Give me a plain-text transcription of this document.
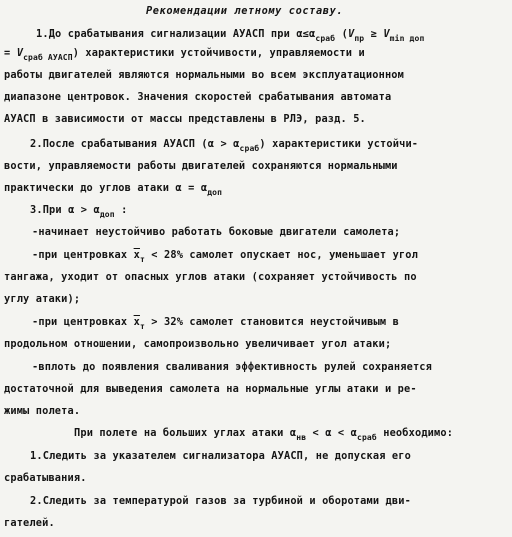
Рекомендации летному составу.
1.До срабатывания сигнализации АУАСП при $\alpha\le\alpha_{сраб}$ ($V_{пр} \ge V_{min доп}$
= $V_{сраб АУАСП}$) характеристики устойчивости, управляемости и
работы двигателей являются нормальными во всем эксплуатационном
диапазоне центровок. Значения скоростей срабатывания автомата
АУАСП в зависимости от массы представлены в РЛЭ, разд. 5.
2.После срабатывания АУАСП $(\alpha > \alpha_{сраб})$ характеристики устойчи-
вости, управляемости работы двигателей сохраняются нормальными
практически до углов атаки $\alpha = \alpha_{доп}$
3.При $\alpha > \alpha_{доп}$ :
-начинает неустойчиво работать боковые двигатели самолета;
-при центровках $\overline{x}_т < 28\%$ самолет опускает нос, уменьшает угол
тангажа, уходит от опасных углов атаки (сохраняет устойчивость по
углу атаки);
-при центровках $\overline{x}_т > 32\%$ самолет становится неустойчивым в
продольном отношении, самопроизвольно увеличивает угол атаки;
-вплоть до появления сваливания эффективность рулей сохраняется
достаточной для выведения самолета на нормальные углы атаки и ре-
жимы полета.
При полете на больших углах атаки $\alpha_{нв} < \alpha < \alpha_{сраб}$ необходимо:
1.Следить за указателем сигнализатора АУАСП, не допуская его
срабатывания.
2.Следить за температурой газов за турбиной и оборотами дви-
гателей.
